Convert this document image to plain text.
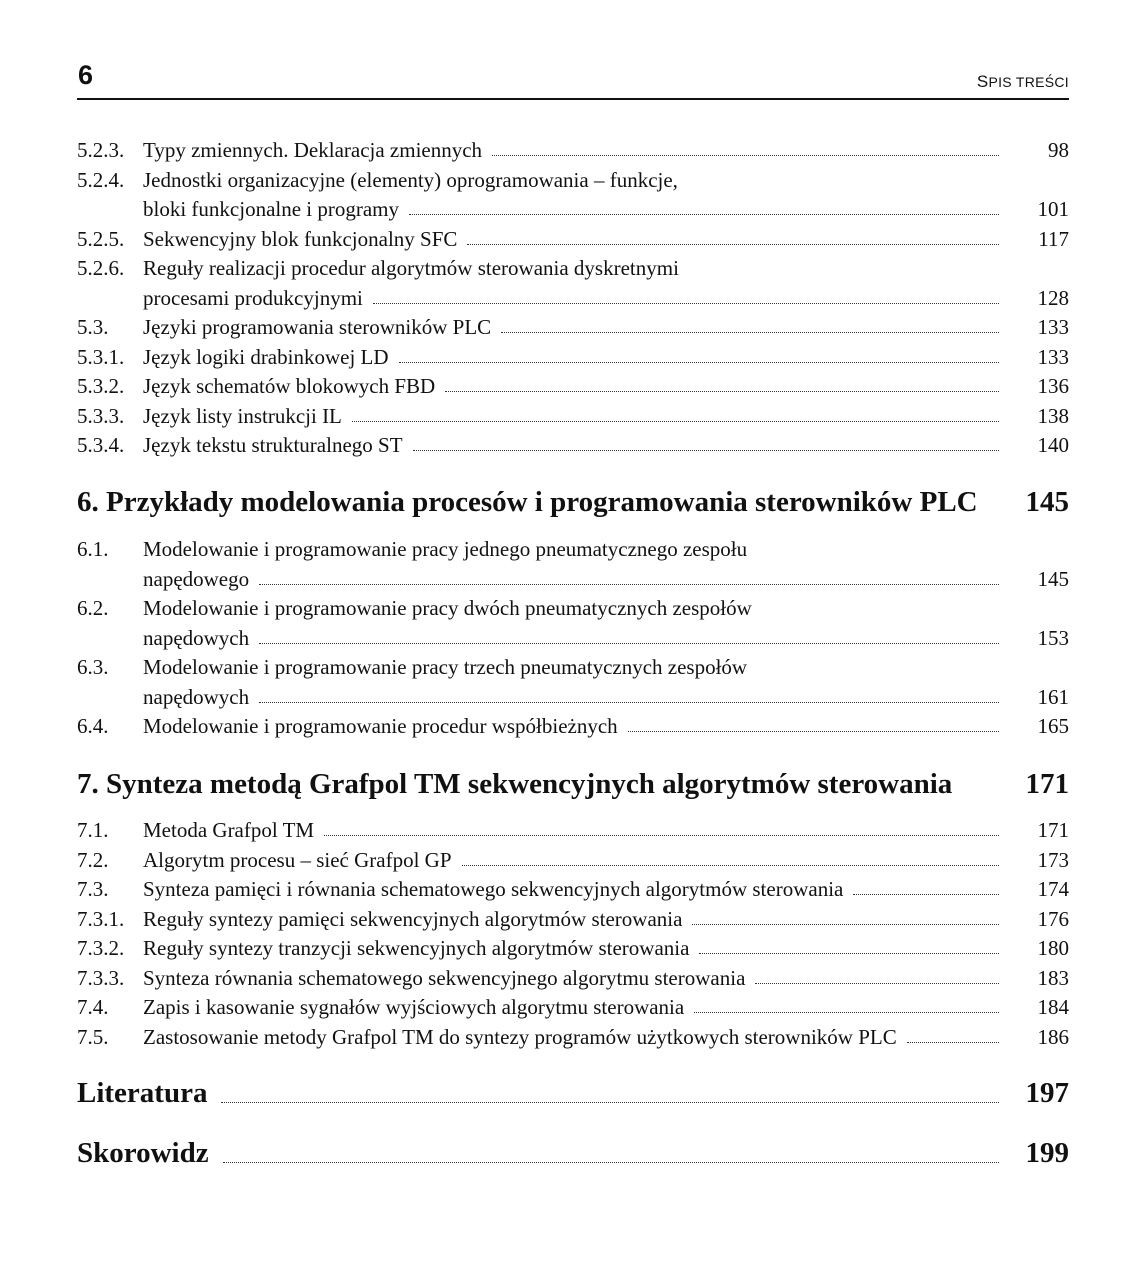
6	SPIS TREŚCI
5.2.3. Typy zmiennych. Deklaracja zmiennych	98
5.2.4. Jednostki organizacyjne (elementy) oprogramowania – funkcje,
bloki funkcjonalne i programy	101
5.2.5. Sekwencyjny blok funkcjonalny SFC	117
5.2.6. Reguły realizacji procedur algorytmów sterowania dyskretnymi
procesami produkcyjnymi	128
5.3. Języki programowania sterowników PLC	133
5.3.1. Język logiki drabinkowej LD	133
5.3.2. Język schematów blokowych FBD	136
5.3.3. Język listy instrukcji IL	138
5.3.4. Język tekstu strukturalnego ST	140
6. Przykłady modelowania procesów i programowania sterowników PLC 145
6.1. Modelowanie i programowanie pracy jednego pneumatycznego zespołu
napędowego	145
6.2. Modelowanie i programowanie pracy dwóch pneumatycznych zespołów
napędowych	153
6.3. Modelowanie i programowanie pracy trzech pneumatycznych zespołów
napędowych	161
6.4. Modelowanie i programowanie procedur współbieżnych	165
7. Synteza metodą Grafpol TM sekwencyjnych algorytmów sterowania	171
7.1. Metoda Grafpol TM	171
7.2. Algorytm procesu – sieć Grafpol GP	173
7.3. Synteza pamięci i równania schematowego sekwencyjnych algorytmów sterowania	174
7.3.1. Reguły syntezy pamięci sekwencyjnych algorytmów sterowania	176
7.3.2. Reguły syntezy tranzycji sekwencyjnych algorytmów sterowania	180
7.3.3. Synteza równania schematowego sekwencyjnego algorytmu sterowania	183
7.4. Zapis i kasowanie sygnałów wyjściowych algorytmu sterowania	184
7.5. Zastosowanie metody Grafpol TM do syntezy programów użytkowych sterowników PLC	186
Literatura	197
Skorowidz	199
